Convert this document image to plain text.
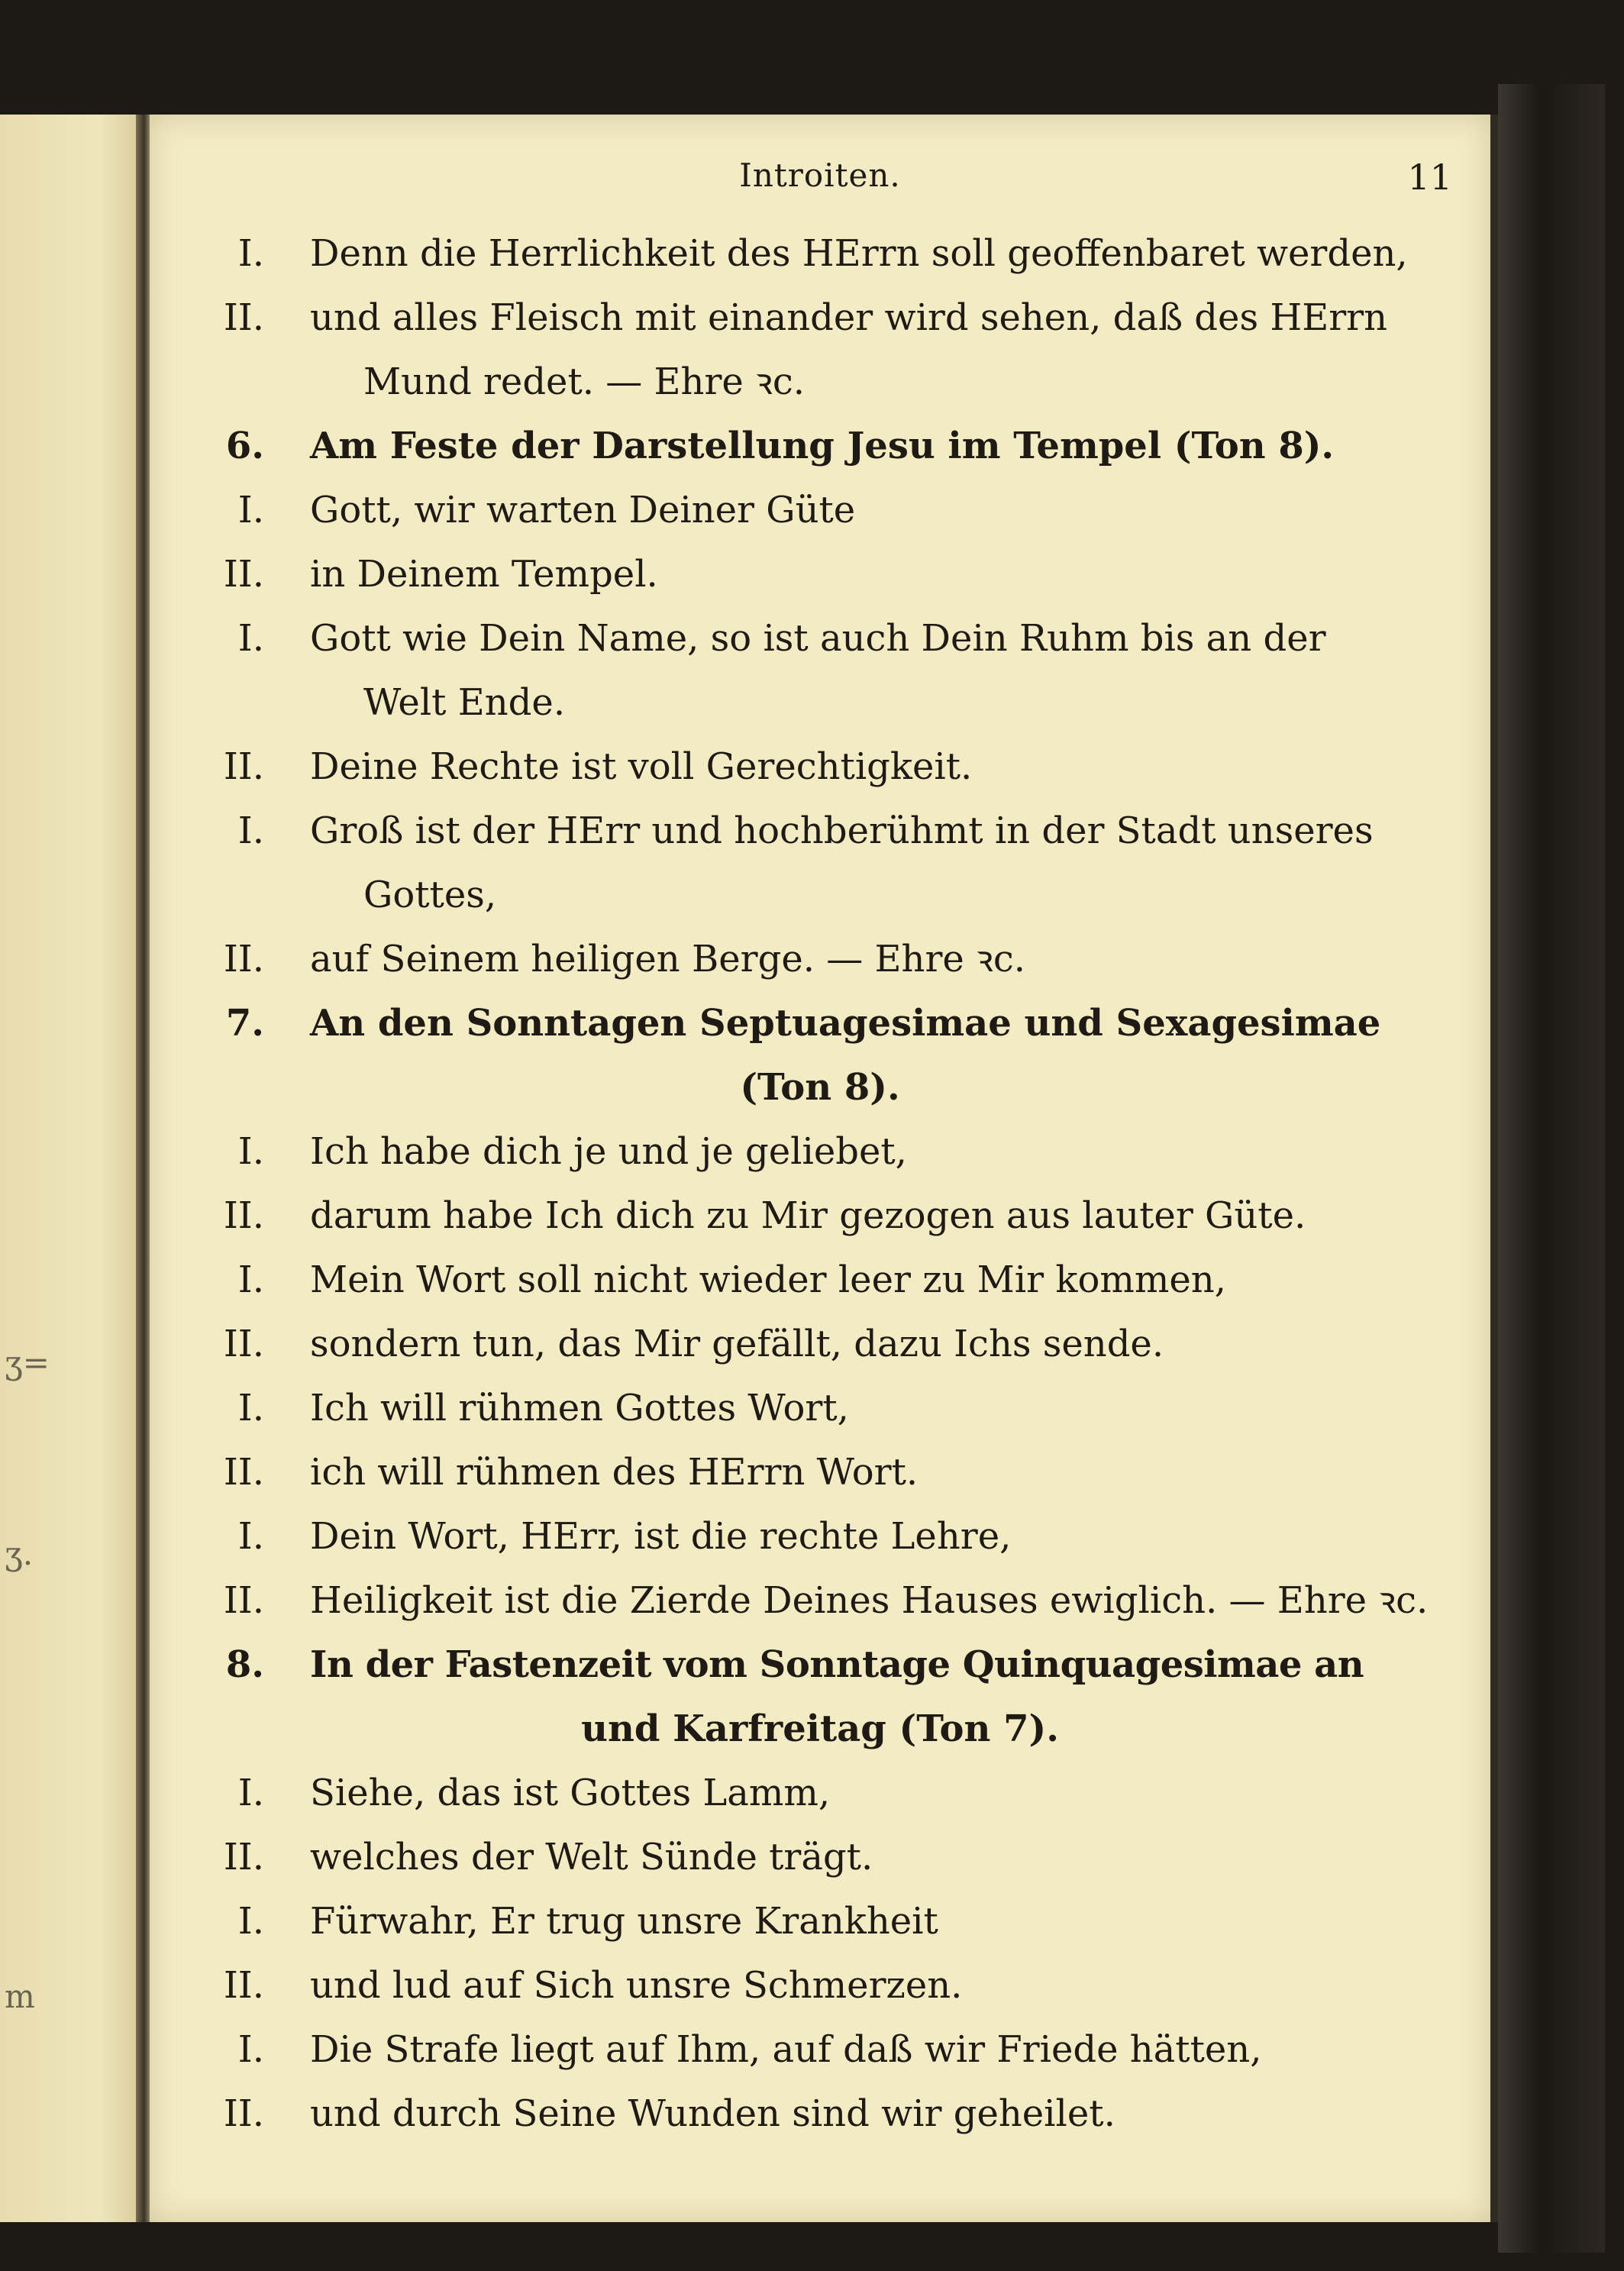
ʒ=
ʒ.
m
Introiten.	11
I. Denn die Herrlichkeit des HErrn soll geoffenbaret werden,
II. und alles Fleisch mit einander wird sehen, daß des HErrn
Mund redet. — Ehre ꝛc.
6. Am Feste der Darstellung Jesu im Tempel (Ton 8).
I. Gott, wir warten Deiner Güte
II. in Deinem Tempel.
I. Gott wie Dein Name, so ist auch Dein Ruhm bis an der
Welt Ende.
II. Deine Rechte ist voll Gerechtigkeit.
I. Groß ist der HErr und hochberühmt in der Stadt unseres
Gottes,
II. auf Seinem heiligen Berge. — Ehre ꝛc.
7. An den Sonntagen Septuagesimae und Sexagesimae
(Ton 8).
I. Ich habe dich je und je geliebet,
II. darum habe Ich dich zu Mir gezogen aus lauter Güte.
I. Mein Wort soll nicht wieder leer zu Mir kommen,
II. sondern tun, das Mir gefällt, dazu Ichs sende.
I. Ich will rühmen Gottes Wort,
II. ich will rühmen des HErrn Wort.
I. Dein Wort, HErr, ist die rechte Lehre,
II. Heiligkeit ist die Zierde Deines Hauses ewiglich. — Ehre ꝛc.
8. In der Fastenzeit vom Sonntage Quinquagesimae an
und Karfreitag (Ton 7).
I. Siehe, das ist Gottes Lamm,
II. welches der Welt Sünde trägt.
I. Fürwahr, Er trug unsre Krankheit
II. und lud auf Sich unsre Schmerzen.
I. Die Strafe liegt auf Ihm, auf daß wir Friede hätten,
II. und durch Seine Wunden sind wir geheilet.
